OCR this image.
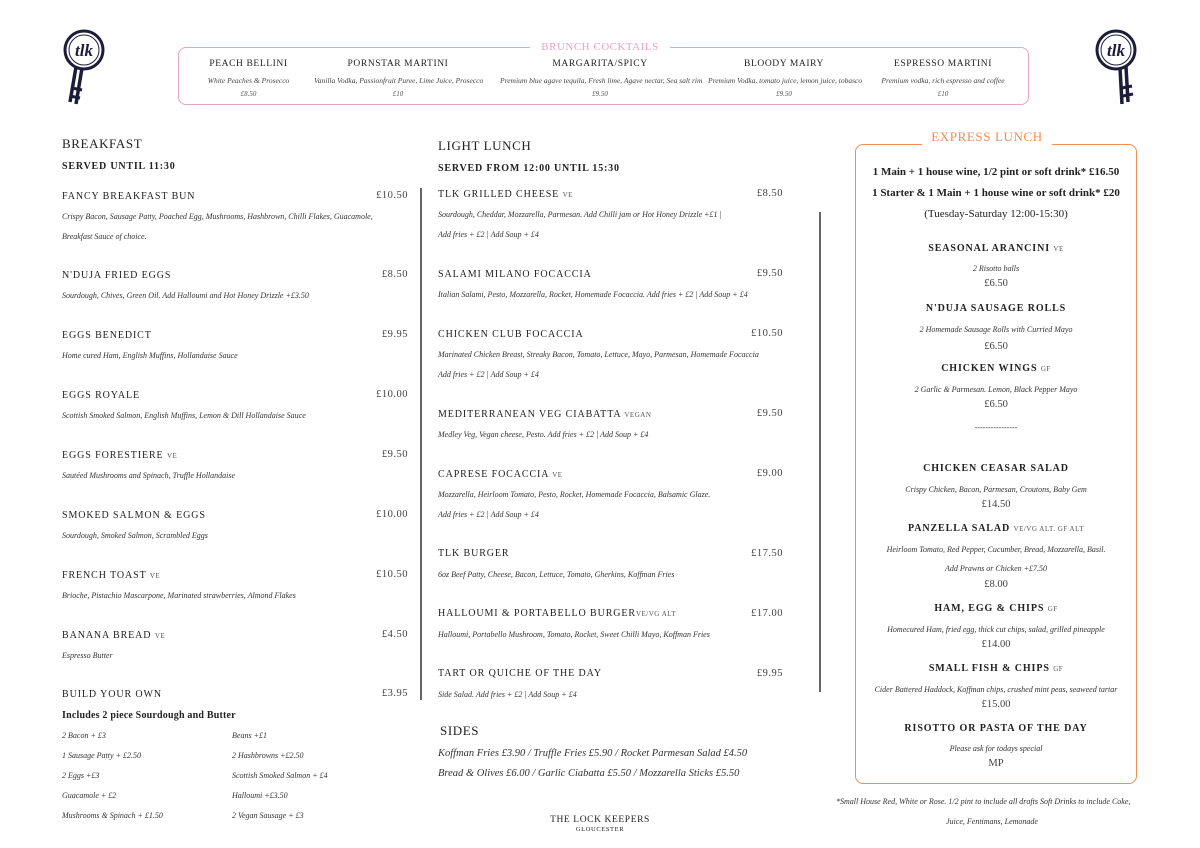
tlk	tlk
BRUNCH COCKTAILS
PEACH BELLINI
White Peaches & Prosecco
£8.50
PORNSTAR MARTINI
Vanilla Vodka, Passionfruit Puree, Lime Juice, Prosecco
£10
MARGARITA/SPICY
Premium blue agave tequila, Fresh lime, Agave nectar, Sea salt rim
£9.50
BLOODY MAIRY
Premium Vodka, tomato juice, lemon juice, tobasco
£9.50
ESPRESSO MARTINI
Premium vodka, rich espresso and coffee
£10
BREAKFAST
SERVED UNTIL 11:30
FANCY BREAKFAST BUN	£10.50
Crispy Bacon, Sausage Patty, Poached Egg, Mushrooms, Hashbrown, Chilli Flakes, Guacamole,
Breakfast Sauce of choice.
N'DUJA FRIED EGGS	£8.50
Sourdough, Chives, Green Oil. Add Halloumi and Hot Honey Drizzle +£3.50
EGGS BENEDICT	£9.95
Home cured Ham, English Muffins, Hollandaise Sauce
EGGS ROYALE	£10.00
Scottish Smoked Salmon, English Muffins, Lemon & Dill Hollandaise Sauce
EGGS FORESTIERE VE	£9.50
Sautéed Mushrooms and Spinach, Truffle Hollandaise
SMOKED SALMON & EGGS	£10.00
Sourdough, Smoked Salmon, Scrambled Eggs
FRENCH TOAST VE	£10.50
Brioche, Pistachio Mascarpone, Marinated strawberries, Almond Flakes
BANANA BREAD VE	£4.50
Espresso Butter
BUILD YOUR OWN	£3.95
Includes 2 piece Sourdough and Butter
2 Bacon + £3
1 Sausage Patty + £2.50
2 Eggs +£3
Guacamole + £2
Mushrooms & Spinach + £1.50
Beans +£1
2 Hashbrowns +£2.50
Scottish Smoked Salmon + £4
Halloumi +£3.50
2 Vegan Sausage + £3
LIGHT LUNCH
SERVED FROM 12:00 UNTIL 15:30
TLK GRILLED CHEESE VE	£8.50
Sourdough, Cheddar, Mozzarella, Parmesan. Add Chilli jam or Hot Honey Drizzle +£1 |
Add fries + £2 | Add Soup + £4
SALAMI MILANO FOCACCIA	£9.50
Italian Salami, Pesto, Mozzarella, Rocket, Homemade Focaccia. Add fries + £2 | Add Soup + £4
CHICKEN CLUB FOCACCIA	£10.50
Marinated Chicken Breast, Streaky Bacon, Tomato, Lettuce, Mayo, Parmesan, Homemade Focaccia
Add fries + £2 | Add Soup + £4
MEDITERRANEAN VEG CIABATTA VEGAN	£9.50
Medley Veg, Vegan cheese, Pesto. Add fries + £2 | Add Soup + £4
CAPRESE FOCACCIA VE	£9.00
Mozzarella, Heirloom Tomato, Pesto, Rocket, Homemade Focaccia, Balsamic Glaze.
Add fries + £2 | Add Soup + £4
TLK BURGER	£17.50
6oz Beef Patty, Cheese, Bacon, Lettuce, Tomato, Gherkins, Koffman Fries
HALLOUMI & PORTABELLO BURGERVE/VG ALT	£17.00
Halloumi, Portabello Mushroom, Tomato, Rocket, Sweet Chilli Mayo, Koffman Fries
TART OR QUICHE OF THE DAY	£9.95
Side Salad. Add fries + £2 | Add Soup + £4
SIDES
Koffman Fries £3.90 / Truffle Fries £5.90 / Rocket Parmesan Salad £4.50
Bread & Olives £6.00 / Garlic Ciabatta £5.50 / Mozzarella Sticks £5.50
THE LOCK KEEPERS
GLOUCESTER
EXPRESS LUNCH
1 Main + 1 house wine, 1/2 pint or soft drink* £16.50
1 Starter & 1 Main + 1 house wine or soft drink* £20
(Tuesday-Saturday 12:00-15:30)
SEASONAL ARANCINI VE
2 Risotto balls
£6.50
N'DUJA SAUSAGE ROLLS
2 Homemade Sausage Rolls with Curried Mayo
£6.50
CHICKEN WINGS GF
2 Garlic & Parmesan. Lemon, Black Pepper Mayo
£6.50
----------------
CHICKEN CEASAR SALAD
Crispy Chicken, Bacon, Parmesan, Croutons, Baby Gem
£14.50
PANZELLA SALAD VE/VG ALT. GF ALT
Heirloom Tomato, Red Pepper, Cucumber, Bread, Mozzarella, Basil.
Add Prawns or Chicken +£7.50
£8.00
HAM, EGG & CHIPS GF
Homecured Ham, fried egg, thick cut chips, salad, grilled pineapple
£14.00
SMALL FISH & CHIPS GF
Cider Battered Haddock, Koffman chips, crushed mint peas, seaweed tartar
£15.00
RISOTTO OR PASTA OF THE DAY
Please ask for todays special
MP
*Small House Red, White or Rose. 1/2 pint to include all drafts Soft Drinks to include Coke,
Juice, Fentimans, Lemonade
